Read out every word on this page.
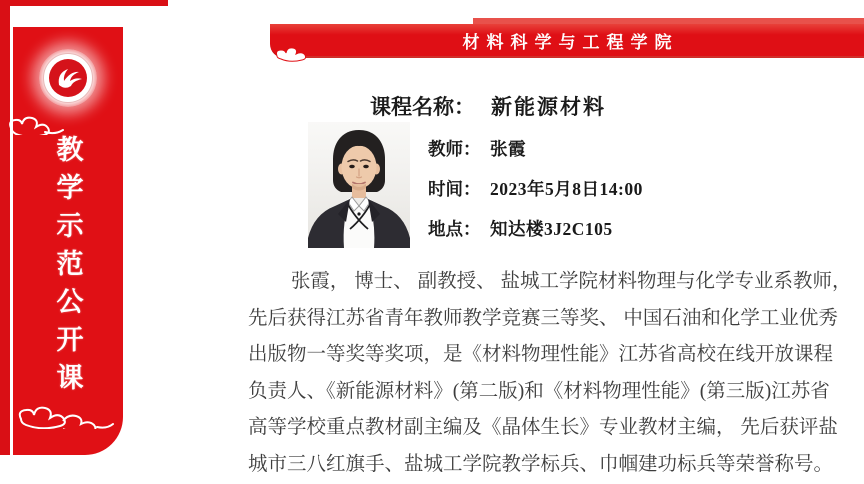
教学示范公开课
材料科学与工程学院
课程名称： 新能源材料
教师： 张霞
时间： 2023年5月8日14:00
地点： 知达楼3J2C105
张霞， 博士、 副教授、 盐城工学院材料物理与化学专业系教师，
先后获得江苏省青年教师教学竞赛三等奖、 中国石油和化学工业优秀
出版物一等奖等奖项，是《材料物理性能》江苏省高校在线开放课程
负责人、《新能源材料》(第二版)和《材料物理性能》(第三版)江苏省
高等学校重点教材副主编及《晶体生长》专业教材主编， 先后获评盐
城市三八红旗手、盐城工学院教学标兵、巾帼建功标兵等荣誉称号。
